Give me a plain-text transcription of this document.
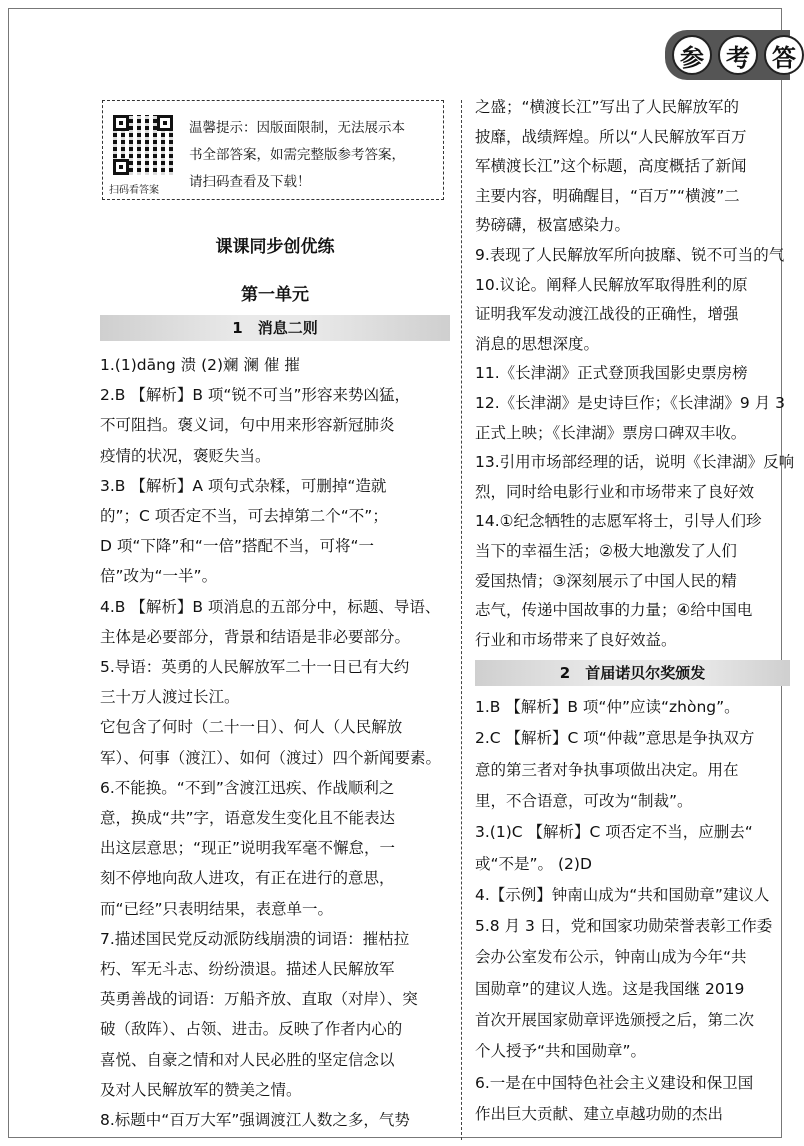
参 考 答
扫码看答案
温馨提示：因版面限制，无法展示本
书全部答案，如需完整版参考答案，
请扫码查看及下载！
课课同步创优练
第一单元
1　消息二则
1.(1)dāng 溃 (2)斓 澜 催 摧
2.B 【解析】B 项“锐不可当”形容来势凶猛，
不可阻挡。褒义词，句中用来形容新冠肺炎
疫情的状况，褒贬失当。
3.B 【解析】A 项句式杂糅，可删掉“造就
的”；C 项否定不当，可去掉第二个“不”；
D 项“下降”和“一倍”搭配不当，可将“一
倍”改为“一半”。
4.B 【解析】B 项消息的五部分中，标题、导语、
主体是必要部分，背景和结语是非必要部分。
5.导语：英勇的人民解放军二十一日已有大约
三十万人渡过长江。
它包含了何时（二十一日）、何人（人民解放
军）、何事（渡江）、如何（渡过）四个新闻要素。
6.不能换。“不到”含渡江迅疾、作战顺利之
意，换成“共”字，语意发生变化且不能表达
出这层意思；“现正”说明我军毫不懈怠，一
刻不停地向敌人进攻，有正在进行的意思，
而“已经”只表明结果，表意单一。
7.描述国民党反动派防线崩溃的词语：摧枯拉
朽、军无斗志、纷纷溃退。描述人民解放军
英勇善战的词语：万船齐放、直取（对岸）、突
破（敌阵）、占领、进击。反映了作者内心的
喜悦、自豪之情和对人民必胜的坚定信念以
及对人民解放军的赞美之情。
8.标题中“百万大军”强调渡江人数之多，气势
之盛；“横渡长江”写出了人民解放军的
披靡，战绩辉煌。所以“人民解放军百万
军横渡长江”这个标题，高度概括了新闻
主要内容，明确醒目，“百万”“横渡”二
势磅礴，极富感染力。
9.表现了人民解放军所向披靡、锐不可当的气
10.议论。阐释人民解放军取得胜利的原
证明我军发动渡江战役的正确性，增强
消息的思想深度。
11.《长津湖》正式登顶我国影史票房榜
12.《长津湖》是史诗巨作；《长津湖》9 月 3
正式上映；《长津湖》票房口碑双丰收。
13.引用市场部经理的话，说明《长津湖》反响
烈，同时给电影行业和市场带来了良好效
14.①纪念牺牲的志愿军将士，引导人们珍
当下的幸福生活；②极大地激发了人们
爱国热情；③深刻展示了中国人民的精
志气，传递中国故事的力量；④给中国电
行业和市场带来了良好效益。
2　首届诺贝尔奖颁发
1.B 【解析】B 项“仲”应读“zhòng”。
2.C 【解析】C 项“仲裁”意思是争执双方
意的第三者对争执事项做出决定。用在
里，不合语意，可改为“制裁”。
3.(1)C 【解析】C 项否定不当，应删去“
或“不是”。 (2)D
4.【示例】钟南山成为“共和国勋章”建议人
5.8 月 3 日，党和国家功勋荣誉表彰工作委
会办公室发布公示，钟南山成为今年“共
国勋章”的建议人选。这是我国继 2019
首次开展国家勋章评选颁授之后，第二次
个人授予“共和国勋章”。
6.一是在中国特色社会主义建设和保卫国
作出巨大贡献、建立卓越功勋的杰出
